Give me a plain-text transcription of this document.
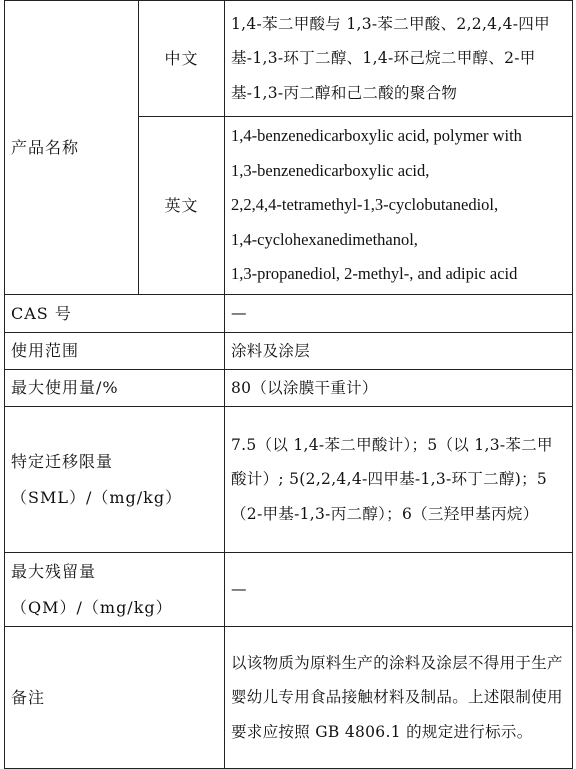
产品名称	中文	1,4-苯二甲酸与 1,3-苯二甲酸、2,2,4,4-四甲基-1,3-环丁二醇、1,4-环己烷二甲醇、2-甲基-1,3-丙二醇和己二酸的聚合物
	英文	1,4-benzenedicarboxylic acid, polymer with
1,3-benzenedicarboxylic acid,
2,2,4,4-tetramethyl-1,3-cyclobutanediol,
1,4-cyclohexanedimethanol,
1,3-propanediol, 2-methyl-, and adipic acid

CAS 号		—
使用范围		涂料及涂层
最大使用量/%		80（以涂膜干重计）

特定迁移限量
（SML）/（mg/kg）		7.5（以 1,4-苯二甲酸计）；5（以 1,3-苯二甲酸计）; 5(2,2,4,4-四甲基-1,3-环丁二醇)；5（2-甲基-1,3-丙二醇）；6（三羟甲基丙烷）

最大残留量
（QM）/（mg/kg）		—
备注		以该物质为原料生产的涂料及涂层不得用于生产婴幼儿专用食品接触材料及制品。上述限制使用要求应按照 GB 4806.1 的规定进行标示。
